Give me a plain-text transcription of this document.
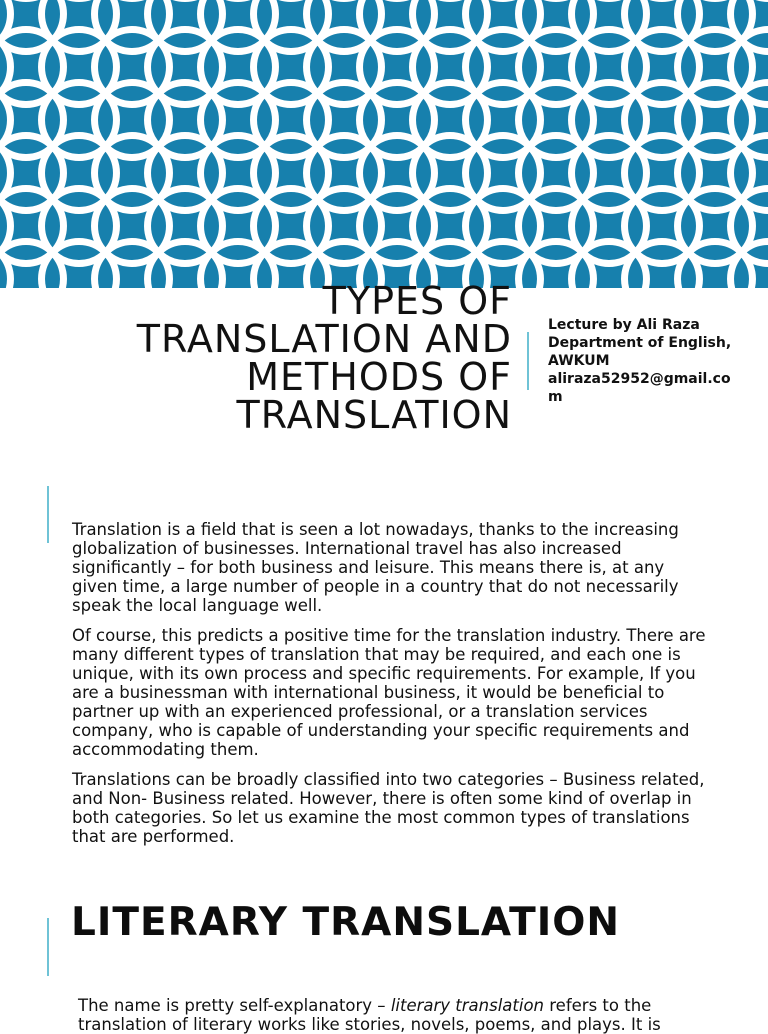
TYPES OF
TRANSLATION AND
METHODS OF
TRANSLATION
Lecture by Ali Raza
Department of English,
AWKUM
aliraza52952@gmail.com

Translation is a field that is seen a lot nowadays, thanks to the increasing globalization of businesses. International travel has also increased significantly – for both business and leisure. This means there is, at any given time, a large number of people in a country that do not necessarily speak the local language well.

Of course, this predicts a positive time for the translation industry. There are many different types of translation that may be required, and each one is unique, with its own process and specific requirements. For example, If you are a businessman with international business, it would be beneficial to partner up with an experienced professional, or a translation services company, who is capable of understanding your specific requirements and accommodating them.

Translations can be broadly classified into two categories – Business related, and Non- Business related. However, there is often some kind of overlap in both categories. So let us examine the most common types of translations that are performed.

LITERARY TRANSLATION

The name is pretty self-explanatory – literary translation refers to the translation of literary works like stories, novels, poems, and plays. It is
